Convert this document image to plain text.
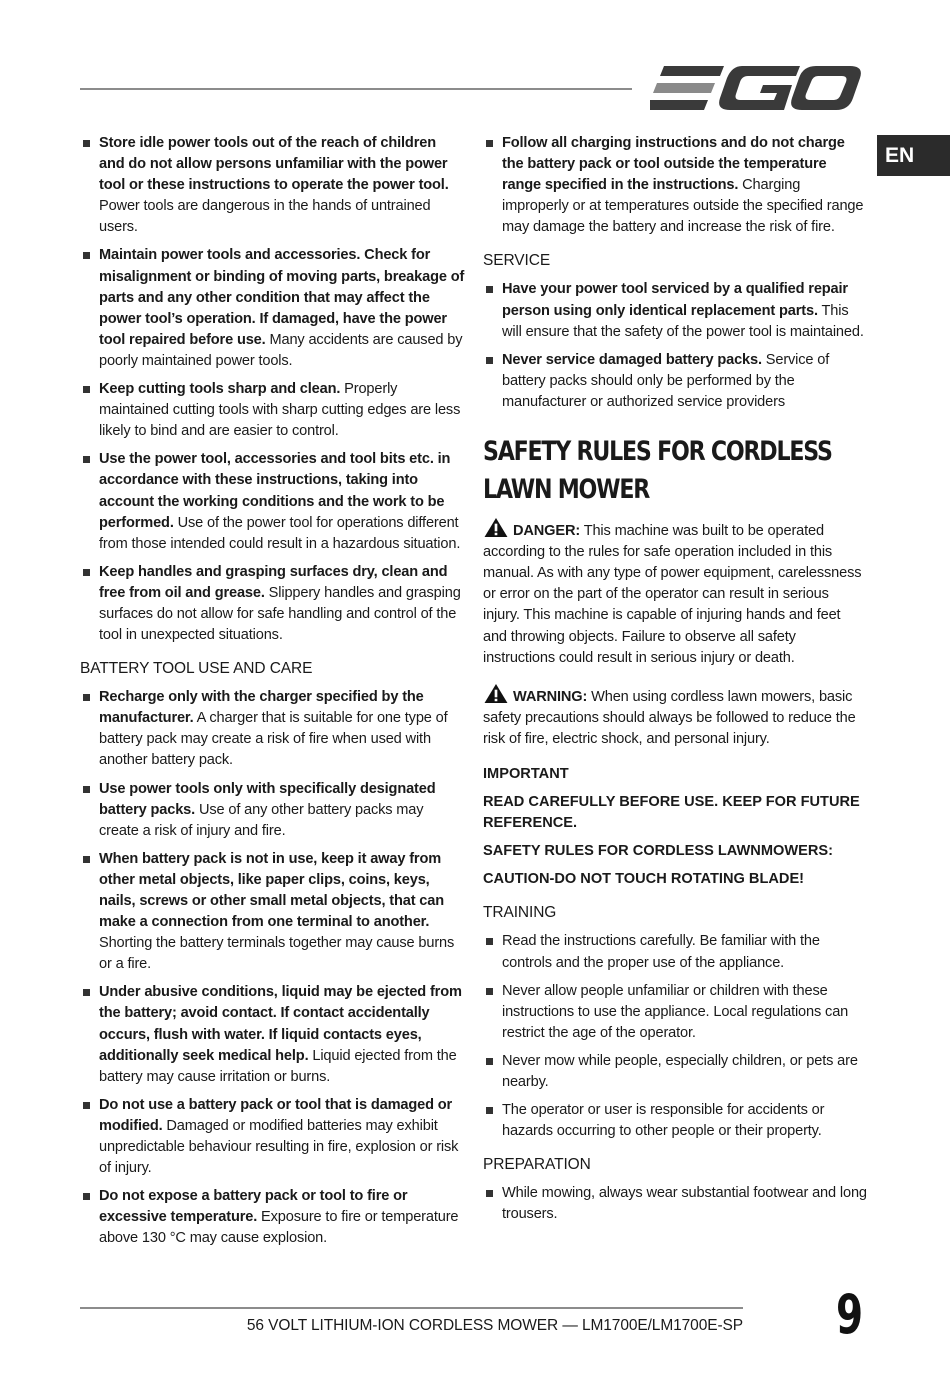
EN
Store idle power tools out of the reach of children and do not allow persons unfamiliar with the power tool or these instructions to operate the power tool. Power tools are dangerous in the hands of untrained users.
Maintain power tools and accessories. Check for misalignment or binding of moving parts, breakage of parts and any other condition that may affect the power tool’s operation. If damaged, have the power tool repaired before use. Many accidents are caused by poorly maintained power tools.
Keep cutting tools sharp and clean. Properly maintained cutting tools with sharp cutting edges are less likely to bind and are easier to control.
Use the power tool, accessories and tool bits etc. in accordance with these instructions, taking into account the working conditions and the work to be performed. Use of the power tool for operations different from those intended could result in a hazardous situation.
Keep handles and grasping surfaces dry, clean and free from oil and grease. Slippery handles and grasping surfaces do not allow for safe handling and control of the tool in unexpected situations.
BATTERY TOOL USE AND CARE
Recharge only with the charger specified by the manufacturer. A charger that is suitable for one type of battery pack may create a risk of fire when used with another battery pack.
Use power tools only with specifically designated battery packs. Use of any other battery packs may create a risk of injury and fire.
When battery pack is not in use, keep it away from other metal objects, like paper clips, coins, keys, nails, screws or other small metal objects, that can make a connection from one terminal to another. Shorting the battery terminals together may cause burns or a fire.
Under abusive conditions, liquid may be ejected from the battery; avoid contact. If contact accidentally occurs, flush with water. If liquid contacts eyes, additionally seek medical help. Liquid ejected from the battery may cause irritation or burns.
Do not use a battery pack or tool that is damaged or modified. Damaged or modified batteries may exhibit unpredictable behaviour resulting in fire, explosion or risk of injury.
Do not expose a battery pack or tool to fire or excessive temperature. Exposure to fire or temperature above 130 °C may cause explosion.
Follow all charging instructions and do not charge the battery pack or tool outside the temperature range specified in the instructions. Charging improperly or at temperatures outside the specified range may damage the battery and increase the risk of fire.
SERVICE
Have your power tool serviced by a qualified repair person using only identical replacement parts. This will ensure that the safety of the power tool is maintained.
Never service damaged battery packs. Service of battery packs should only be performed by the manufacturer or authorized service providers
SAFETY RULES FOR CORDLESS LAWN MOWER
DANGER: This machine was built to be operated according to the rules for safe operation included in this manual. As with any type of power equipment, carelessness or error on the part of the operator can result in serious injury. This machine is capable of injuring hands and feet and throwing objects. Failure to observe all safety instructions could result in serious injury or death.
WARNING: When using cordless lawn mowers, basic safety precautions should always be followed to reduce the risk of fire, electric shock, and personal injury.
IMPORTANT
READ CAREFULLY BEFORE USE. KEEP FOR FUTURE REFERENCE.
SAFETY RULES FOR CORDLESS LAWNMOWERS:
CAUTION-DO NOT TOUCH ROTATING BLADE!
TRAINING
Read the instructions carefully. Be familiar with the controls and the proper use of the appliance.
Never allow people unfamiliar or children with these instructions to use the appliance. Local regulations can restrict the age of the operator.
Never mow while people, especially children, or pets are nearby.
The operator or user is responsible for accidents or hazards occurring to other people or their property.
PREPARATION
While mowing, always wear substantial footwear and long trousers.
56 VOLT LITHIUM-ION CORDLESS MOWER — LM1700E/LM1700E-SP 9
